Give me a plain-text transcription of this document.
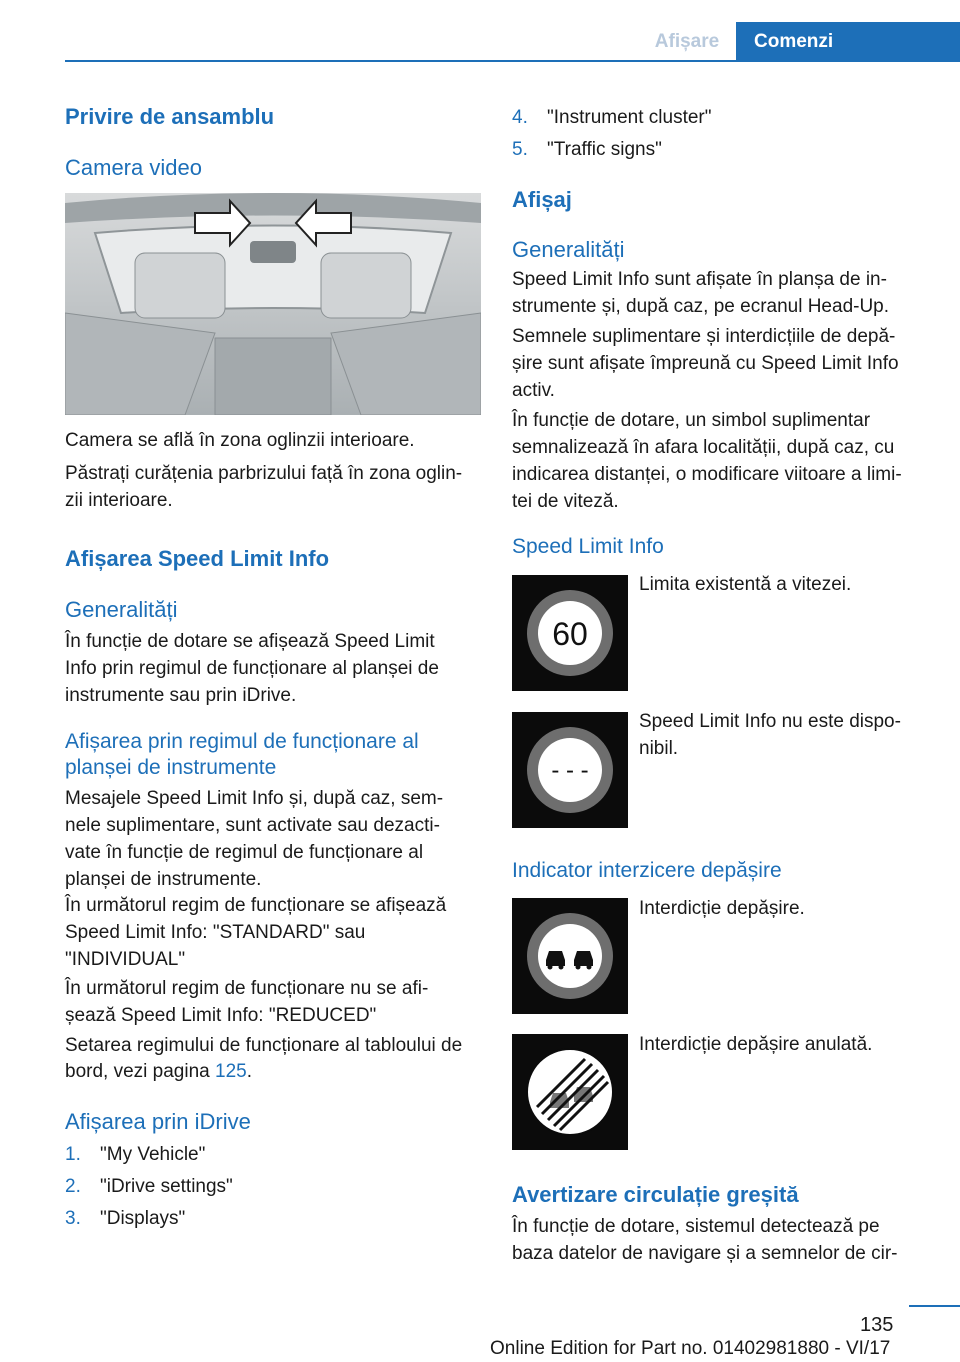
Afișare	Comenzi
Privire de ansamblu
Camera video
Camera se află în zona oglinzii interioare.
Păstrați curățenia parbrizului față în zona oglin-
zii interioare.
Afișarea Speed Limit Info
Generalități
În funcție de dotare se afișează Speed Limit
Info prin regimul de funcționare al planșei de
instrumente sau prin iDrive.
Afișarea prin regimul de funcționare al
planșei de instrumente
Mesajele Speed Limit Info și, după caz, sem-
nele suplimentare, sunt activate sau dezacti-
vate în funcție de regimul de funcționare al
planșei de instrumente.
În următorul regim de funcționare se afișează
Speed Limit Info: "STANDARD" sau
"INDIVIDUAL"
În următorul regim de funcționare nu se afi-
șează Speed Limit Info: "REDUCED"
Setarea regimului de funcționare al tabloului de
bord, vezi pagina 125.
Afișarea prin iDrive
1. "My Vehicle"
2. "iDrive settings"
3. "Displays"
4. "Instrument cluster"
5. "Traffic signs"
Afișaj
Generalități
Speed Limit Info sunt afișate în planșa de in-
strumente și, după caz, pe ecranul Head-Up.
Semnele suplimentare și interdicțiile de depă-
șire sunt afișate împreună cu Speed Limit Info
activ.
În funcție de dotare, un simbol suplimentar
semnalizează în afara localității, după caz, cu
indicarea distanței, o modificare viitoare a limi-
tei de viteză.
Speed Limit Info
60
Limita existentă a vitezei.
- - -
Speed Limit Info nu este dispo-
nibil.
Indicator interzicere depășire
Interdicție depășire.
Interdicție depășire anulată.
Avertizare circulație greșită
În funcție de dotare, sistemul detectează pe
baza datelor de navigare și a semnelor de cir-
135
Online Edition for Part no. 01402981880 - VI/17
